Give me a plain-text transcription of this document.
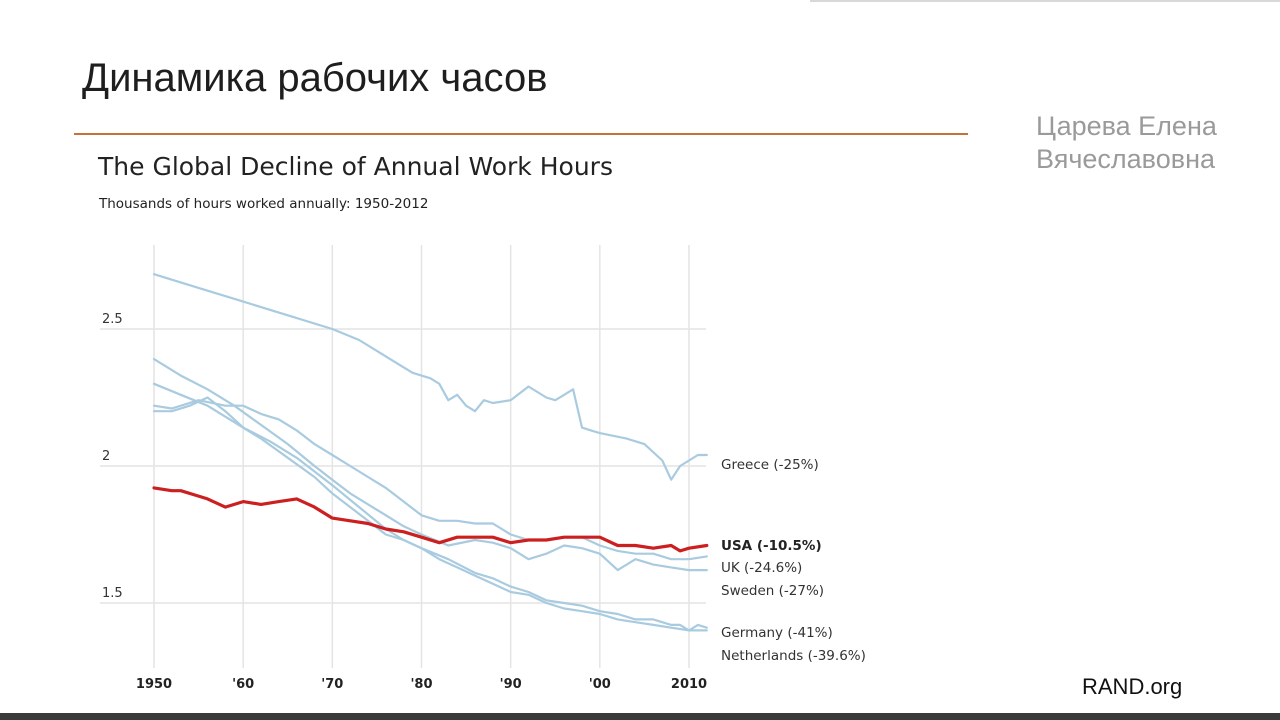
Динамика рабочих часов
Царева Елена
Вячеславовна
The Global Decline of Annual Work Hours
Thousands of hours worked annually: 1950-2012
2.5
2
1.5
1950	'60	'70	'80	'90	'00	2010
Greece (-25%)
USA (-10.5%)
UK (-24.6%)
Sweden (-27%)
Germany (-41%)
Netherlands (-39.6%)
RAND.org
